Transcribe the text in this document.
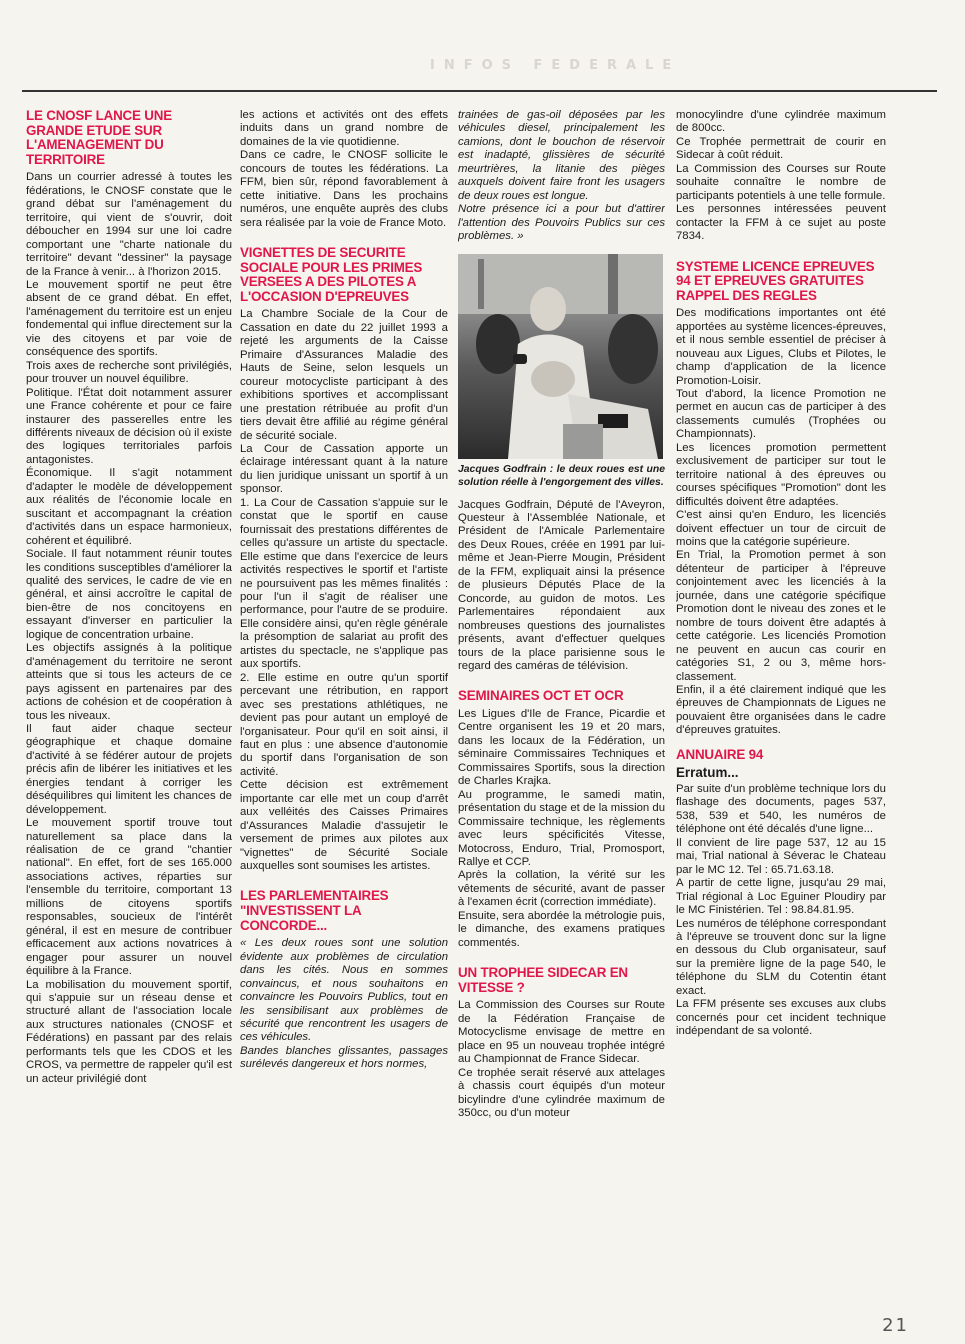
INFOS FEDERALE
LE CNOSF LANCE UNE GRANDE ETUDE SUR L'AMENAGEMENT DU TERRITOIRE

Dans un courrier adressé à toutes les fédérations, le CNOSF constate que le grand débat sur l'aménagement du territoire, qui vient de s'ouvrir, doit déboucher en 1994 sur une loi cadre comportant une "charte nationale du territoire" devant "dessiner" la paysage de la France à venir... à l'horizon 2015.

Le mouvement sportif ne peut être absent de ce grand débat. En effet, l'aménagement du territoire est un enjeu fondemental qui influe directement sur la vie des citoyens et par voie de conséquence des sportifs.

Trois axes de recherche sont privilégiés, pour trouver un nouvel équilibre.

Politique. l'État doit notamment assurer une France cohérente et pour ce faire instaurer des passerelles entre les différents niveaux de décision où il existe des logiques territoriales parfois antagonistes.

Économique. Il s'agit notamment d'adapter le modèle de développement aux réalités de l'économie locale en suscitant et accompagnant la création d'activités dans un espace harmonieux, cohérent et équilibré.

Sociale. Il faut notamment réunir toutes les conditions susceptibles d'améliorer la qualité des services, le cadre de vie en général, et ainsi accroître le capital de bien-être de nos concitoyens en essayant d'inverser en particulier la logique de concentration urbaine.

Les objectifs assignés à la politique d'aménagement du territoire ne seront atteints que si tous les acteurs de ce pays agissent en partenaires par des actions de cohésion et de coopération à tous les niveaux.

Il faut aider chaque secteur géographique et chaque domaine d'activité à se fédérer autour de projets précis afin de libérer les initiatives et les énergies tendant à corriger les déséquilibres qui limitent les chances de développement.

Le mouvement sportif trouve tout naturellement sa place dans la réalisation de ce grand "chantier national". En effet, fort de ses 165.000 associations actives, réparties sur l'ensemble du territoire, comportant 13 millions de citoyens sportifs responsables, soucieux de l'intérêt général, il est en mesure de contribuer efficacement aux actions novatrices à engager pour assurer un nouvel équilibre à la France.

La mobilisation du mouvement sportif, qui s'appuie sur un réseau dense et structuré allant de l'association locale aux structures nationales (CNOSF et Fédérations) en passant par des relais performants tels que les CDOS et les CROS, va permettre de rappeler qu'il est un acteur privilégié dont

les actions et activités ont des effets induits dans un grand nombre de domaines de la vie quotidienne.

Dans ce cadre, le CNOSF sollicite le concours de toutes les fédérations. La FFM, bien sûr, répond favorablement à cette initiative. Dans les prochains numéros, une enquête auprès des clubs sera réalisée par la voie de France Moto.

VIGNETTES DE SECURITE SOCIALE POUR LES PRIMES VERSEES A DES PILOTES A L'OCCASION D'EPREUVES

La Chambre Sociale de la Cour de Cassation en date du 22 juillet 1993 a rejeté les arguments de la Caisse Primaire d'Assurances Maladie des Hauts de Seine, selon lesquels un coureur motocycliste participant à des exhibitions sportives et accomplissant une prestation rétribuée au profit d'un tiers devait être affilié au régime général de sécurité sociale.

La Cour de Cassation apporte un éclairage intéressant quant à la nature du lien juridique unissant un sportif à un sponsor.

1. La Cour de Cassation s'appuie sur le constat que le sportif en cause fournissait des prestations différentes de celles qu'assure un artiste du spectacle. Elle estime que dans l'exercice de leurs activités respectives le sportif et l'artiste ne poursuivent pas les mêmes finalités : pour l'un il s'agit de réaliser une performance, pour l'autre de se produire. Elle considère ainsi, qu'en règle générale la présomption de salariat au profit des artistes du spectacle, ne s'applique pas aux sportifs.

2. Elle estime en outre qu'un sportif percevant une rétribution, en rapport avec ses prestations athlétiques, ne devient pas pour autant un employé de l'organisateur. Pour qu'il en soit ainsi, il faut en plus : une absence d'autonomie du sportif dans l'organisation de son activité.

Cette décision est extrêmement importante car elle met un coup d'arrêt aux velléités des Caisses Primaires d'Assurances Maladie d'assujetir le versement de primes aux pilotes aux "vignettes" de Sécurité Sociale auxquelles sont soumises les artistes.

LES PARLEMENTAIRES "INVESTISSENT LA CONCORDE...

« Les deux roues sont une solution évidente aux problèmes de circulation dans les cités. Nous en sommes convaincus, et nous souhaitons en convaincre les Pouvoirs Publics, tout en les sensibilisant aux problèmes de sécurité que rencontrent les usagers de ces véhicules.

Bandes blanches glissantes, passages surélevés dangereux et hors normes,

trainées de gas-oil déposées par les véhicules diesel, principalement les camions, dont le bouchon de réservoir est inadapté, glissières de sécurité meurtrières, la litanie des pièges auxquels doivent faire front les usagers de deux roues est longue.

Notre présence ici a pour but d'attirer l'attention des Pouvoirs Publics sur ces problèmes. »

Jacques Godfrain : le deux roues est une solution réelle à l'engorgement des villes.

Jacques Godfrain, Député de l'Aveyron, Questeur à l'Assemblée Nationale, et Président de l'Amicale Parlementaire des Deux Roues, créée en 1991 par lui-même et Jean-Pierre Mougin, Président de la FFM, expliquait ainsi la présence de plusieurs Députés Place de la Concorde, au guidon de motos. Les Parlementaires répondaient aux nombreuses questions des journalistes présents, avant d'effectuer quelques tours de la place parisienne sous le regard des caméras de télévision.

SEMINAIRES OCT ET OCR

Les Ligues d'Ile de France, Picardie et Centre organisent les 19 et 20 mars, dans les locaux de la Fédération, un séminaire Commissaires Techniques et Commissaires Sportifs, sous la direction de Charles Krajka.

Au programme, le samedi matin, présentation du stage et de la mission du Commissaire technique, les règlements avec leurs spécificités Vitesse, Motocross, Enduro, Trial, Promosport, Rallye et CCP.

Après la collation, la vérité sur les vêtements de sécurité, avant de passer à l'examen écrit (correction immédiate).

Ensuite, sera abordée la métrologie puis, le dimanche, des examens pratiques commentés.

UN TROPHEE SIDECAR EN VITESSE ?

La Commission des Courses sur Route de la Fédération Française de Motocyclisme envisage de mettre en place en 95 un nouveau trophée intégré au Championnat de France Sidecar.

Ce trophée serait réservé aux attelages à chassis court équipés d'un moteur bicylindre d'une cylindrée maximum de 350cc, ou d'un moteur

monocylindre d'une cylindrée maximum de 800cc.

Ce Trophée permettrait de courir en Sidecar à coût réduit.

La Commission des Courses sur Route souhaite connaître le nombre de participants potentiels à une telle formule.

Les personnes intéressées peuvent contacter la FFM à ce sujet au poste 7834.

SYSTEME LICENCE EPREUVES 94 ET EPREUVES GRATUITES RAPPEL DES REGLES

Des modifications importantes ont été apportées au système licences-épreuves, et il nous semble essentiel de préciser à nouveau aux Ligues, Clubs et Pilotes, le champ d'application de la licence Promotion-Loisir.

Tout d'abord, la licence Promotion ne permet en aucun cas de participer à des classements cumulés (Trophées ou Championnats).

Les licences promotion permettent exclusivement de participer sur tout le territoire national à des épreuves ou courses spécifiques "Promotion" dont les difficultés doivent être adaptées.

C'est ainsi qu'en Enduro, les licenciés doivent effectuer un tour de circuit de moins que la catégorie supérieure.

En Trial, la Promotion permet à son détenteur de participer à l'épreuve conjointement avec les licenciés à la journée, dans une catégorie spécifique Promotion dont le niveau des zones et le nombre de tours doivent être adaptés à cette catégorie. Les licenciés Promotion ne peuvent en aucun cas courir en catégories S1, 2 ou 3, même hors-classement.

Enfin, il a été clairement indiqué que les épreuves de Championnats de Ligues ne pouvaient être organisées dans le cadre d'épreuves gratuites.

ANNUAIRE 94
Erratum...

Par suite d'un problème technique lors du flashage des documents, pages 537, 538, 539 et 540, les numéros de téléphone ont été décalés d'une ligne...

Il convient de lire page 537, 12 au 15 mai, Trial national à Séverac le Chateau par le MC 12. Tel : 65.71.63.18.

A partir de cette ligne, jusqu'au 29 mai, Trial régional à Loc Eguiner Ploudiry par le MC Finistérien. Tel : 98.84.81.95.

Les numéros de téléphone correspondant à l'épreuve se trouvent donc sur la ligne en dessous du Club organisateur, sauf sur la première ligne de la page 540, le téléphone du SLM du Cotentin étant exact.

La FFM présente ses excuses aux clubs concernés pour cet incident technique indépendant de sa volonté.

21
